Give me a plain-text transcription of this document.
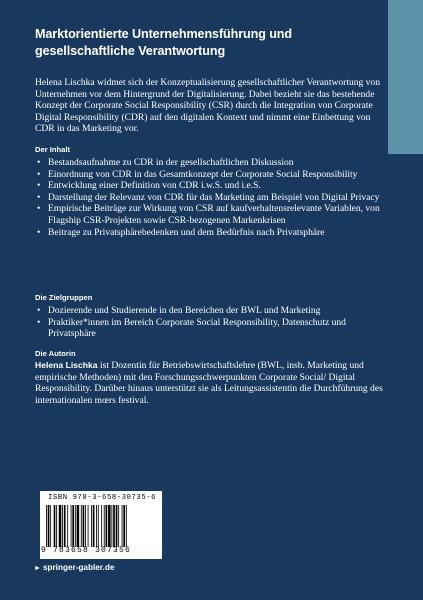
Marktorientierte Unternehmensführung und gesellschaftliche Verantwortung
Helena Lischka widmet sich der Konzeptualisierung gesellschaftlicher Verantwortung von Unternehmen vor dem Hintergrund der Digitalisierung. Dabei bezieht sie das bestehende Konzept der Corporate Social Responsibility (CSR) durch die Integration von Corporate Digital Responsibility (CDR) auf den digitalen Kontext und nimmt eine Einbettung von CDR in das Marketing vor.
Der Inhalt
• Bestandsaufnahme zu CDR in der gesellschaftlichen Diskussion
• Einordnung von CDR in das Gesamtkonzept der Corporate Social Responsibility
• Entwicklung einer Definition von CDR i.w.S. und i.e.S.
• Darstellung der Relevanz von CDR für das Marketing am Beispiel von Digital Privacy
• Empirische Beiträge zur Wirkung von CSR auf kaufverhaltensrelevante Variablen, von Flagship CSR-Projekten sowie CSR-bezogenen Markenkrisen
• Beitrage zu Privatsphärebedenken und dem Bedürfnis nach Privatsphäre
Die Zielgruppen
• Dozierende und Studierende in den Bereichen der BWL und Marketing
• Praktiker*innen im Bereich Corporate Social Responsibility, Datenschutz und Privatsphäre
Die Autorin
Helena Lischka ist Dozentin für Betriebswirtschaftslehre (BWL, insb. Marketing und empirische Methoden) mit den Forschungsschwerpunkten Corporate Social/ Digital Responsibility. Darüber hinaus unterstützt sie als Leitungsassistentin die Durchführung des internationalen mœrs festival.
ISBN 978-3-658-30735-6
9 783658 307356
► springer-gabler.de
